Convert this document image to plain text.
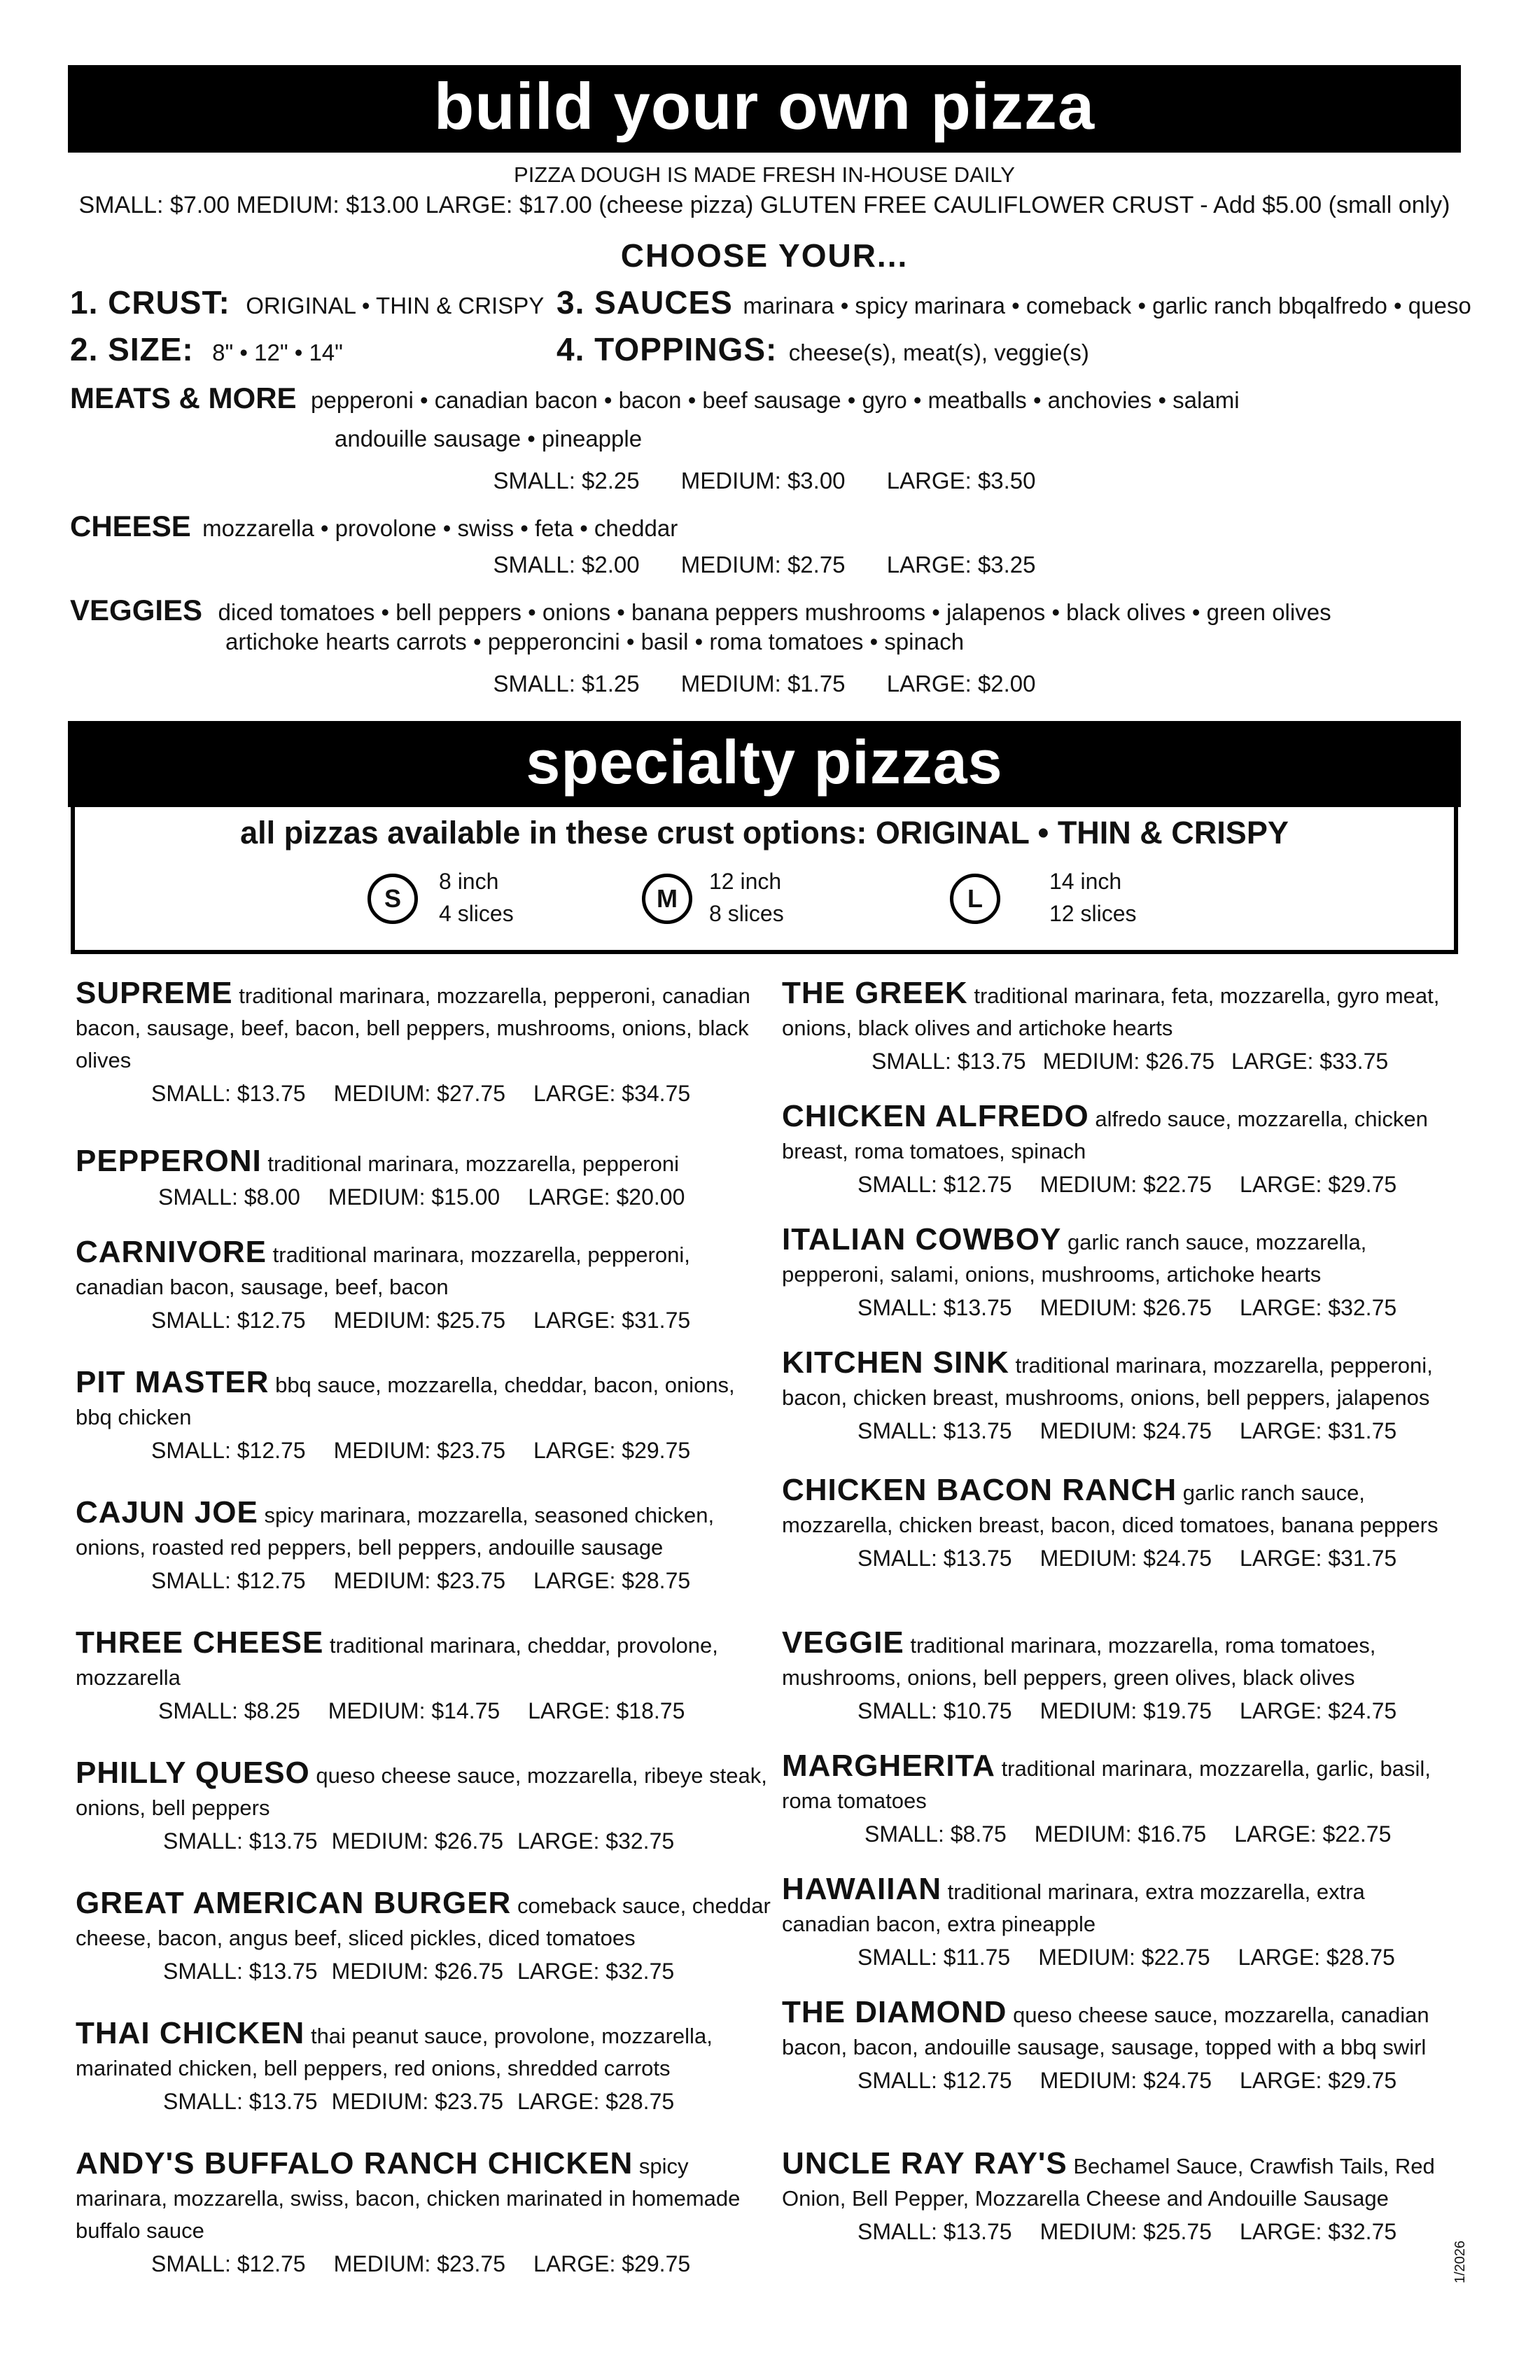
build your own pizza
PIZZA DOUGH IS MADE FRESH IN-HOUSE DAILY
SMALL: $7.00 MEDIUM: $13.00 LARGE: $17.00 (cheese pizza) GLUTEN FREE CAULIFLOWER CRUST - Add $5.00 (small only)
CHOOSE YOUR...
1. CRUST: ORIGINAL • THIN & CRISPY 3. SAUCES marinara • spicy marinara • comeback • garlic ranch bbqalfredo • queso
2. SIZE: 8" • 12" • 14"	4. TOPPINGS: cheese(s), meat(s), veggie(s)
MEATS & MORE pepperoni • canadian bacon • bacon • beef sausage • gyro • meatballs • anchovies • salami
andouille sausage • pineapple
SMALL: $2.25 MEDIUM: $3.00 LARGE: $3.50
CHEESE mozzarella • provolone • swiss • feta • cheddar
SMALL: $2.00 MEDIUM: $2.75 LARGE: $3.25
VEGGIES diced tomatoes • bell peppers • onions • banana peppers mushrooms • jalapenos • black olives • green olives
artichoke hearts carrots • pepperoncini • basil • roma tomatoes • spinach
SMALL: $1.25 MEDIUM: $1.75 LARGE: $2.00
specialty pizzas
all pizzas available in these crust options: ORIGINAL • THIN & CRISPY
S
8 inch
4 slices
M
12 inch
8 slices
L
14 inch
12 slices
SUPREME traditional marinara, mozzarella, pepperoni, canadian bacon, sausage, beef, bacon, bell peppers, mushrooms, onions, black olives
SMALL: $13.75 MEDIUM: $27.75 LARGE: $34.75
PEPPERONI traditional marinara, mozzarella, pepperoni
SMALL: $8.00 MEDIUM: $15.00 LARGE: $20.00
CARNIVORE traditional marinara, mozzarella, pepperoni, canadian bacon, sausage, beef, bacon
SMALL: $12.75 MEDIUM: $25.75 LARGE: $31.75
PIT MASTER bbq sauce, mozzarella, cheddar, bacon, onions, bbq chicken
SMALL: $12.75 MEDIUM: $23.75 LARGE: $29.75
CAJUN JOE spicy marinara, mozzarella, seasoned chicken, onions, roasted red peppers, bell peppers, andouille sausage
SMALL: $12.75 MEDIUM: $23.75 LARGE: $28.75
THREE CHEESE traditional marinara, cheddar, provolone, mozzarella
SMALL: $8.25 MEDIUM: $14.75 LARGE: $18.75
PHILLY QUESO queso cheese sauce, mozzarella, ribeye steak, onions, bell peppers
SMALL: $13.75 MEDIUM: $26.75 LARGE: $32.75
GREAT AMERICAN BURGER comeback sauce, cheddar cheese, bacon, angus beef, sliced pickles, diced tomatoes
SMALL: $13.75 MEDIUM: $26.75 LARGE: $32.75
THAI CHICKEN thai peanut sauce, provolone, mozzarella, marinated chicken, bell peppers, red onions, shredded carrots
SMALL: $13.75 MEDIUM: $23.75 LARGE: $28.75
ANDY'S BUFFALO RANCH CHICKEN spicy marinara, mozzarella, swiss, bacon, chicken marinated in homemade buffalo sauce
SMALL: $12.75 MEDIUM: $23.75 LARGE: $29.75
THE GREEK traditional marinara, feta, mozzarella, gyro meat, onions, black olives and artichoke hearts
SMALL: $13.75 MEDIUM: $26.75 LARGE: $33.75
CHICKEN ALFREDO alfredo sauce, mozzarella, chicken breast, roma tomatoes, spinach
SMALL: $12.75 MEDIUM: $22.75 LARGE: $29.75
ITALIAN COWBOY garlic ranch sauce, mozzarella, pepperoni, salami, onions, mushrooms, artichoke hearts
SMALL: $13.75 MEDIUM: $26.75 LARGE: $32.75
KITCHEN SINK traditional marinara, mozzarella, pepperoni, bacon, chicken breast, mushrooms, onions, bell peppers, jalapenos
SMALL: $13.75 MEDIUM: $24.75 LARGE: $31.75
CHICKEN BACON RANCH garlic ranch sauce, mozzarella, chicken breast, bacon, diced tomatoes, banana peppers
SMALL: $13.75 MEDIUM: $24.75 LARGE: $31.75
VEGGIE traditional marinara, mozzarella, roma tomatoes, mushrooms, onions, bell peppers, green olives, black olives
SMALL: $10.75 MEDIUM: $19.75 LARGE: $24.75
MARGHERITA traditional marinara, mozzarella, garlic, basil, roma tomatoes
SMALL: $8.75 MEDIUM: $16.75 LARGE: $22.75
HAWAIIAN traditional marinara, extra mozzarella, extra canadian bacon, extra pineapple
SMALL: $11.75 MEDIUM: $22.75 LARGE: $28.75
THE DIAMOND queso cheese sauce, mozzarella, canadian bacon, bacon, andouille sausage, sausage, topped with a bbq swirl
SMALL: $12.75 MEDIUM: $24.75 LARGE: $29.75
UNCLE RAY RAY'S Bechamel Sauce, Crawfish Tails, Red Onion, Bell Pepper, Mozzarella Cheese and Andouille Sausage
SMALL: $13.75 MEDIUM: $25.75 LARGE: $32.75
1/2026
